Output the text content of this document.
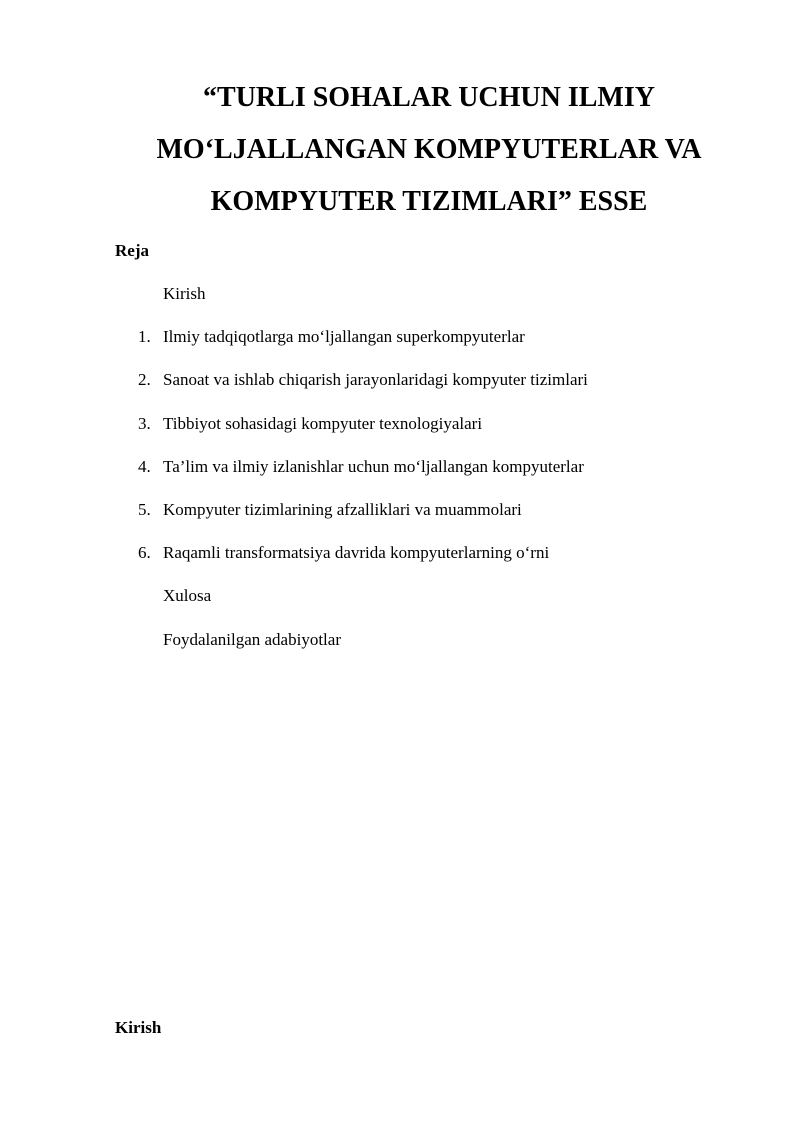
“TURLI SOHALAR UCHUN ILMIY
MO‘LJALLANGAN KOMPYUTERLAR VA
KOMPYUTER TIZIMLARI” ESSE
Reja
Kirish
1. Ilmiy tadqiqotlarga mo‘ljallangan superkompyuterlar
2. Sanoat va ishlab chiqarish jarayonlaridagi kompyuter tizimlari
3. Tibbiyot sohasidagi kompyuter texnologiyalari
4. Ta’lim va ilmiy izlanishlar uchun mo‘ljallangan kompyuterlar
5. Kompyuter tizimlarining afzalliklari va muammolari
6. Raqamli transformatsiya davrida kompyuterlarning o‘rni
Xulosa
Foydalanilgan adabiyotlar
Kirish
